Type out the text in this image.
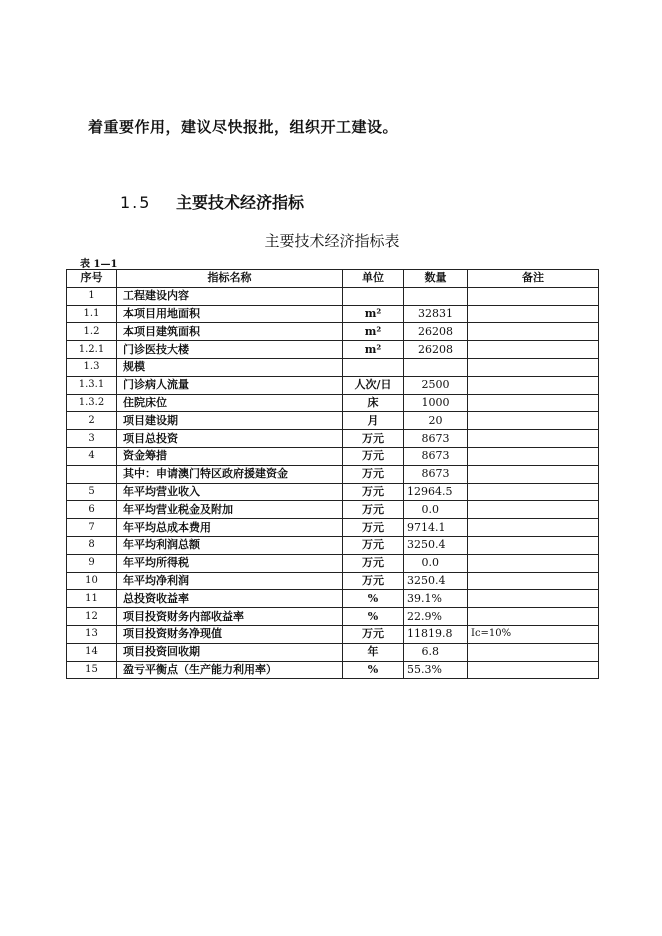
着重要作用，建议尽快报批，组织开工建设。
1.5 主要技术经济指标
主要技术经济指标表
表 1—1
序号	指标名称	单位	数量	备注
1	工程建设内容			
1.1	本项目用地面积	m²	32831	
1.2	本项目建筑面积	m²	26208	
1.2.1	门诊医技大楼	m²	26208	
1.3	规模			
1.3.1	门诊病人流量	人次/日	2500	
1.3.2	住院床位	床	1000	
2	项目建设期	月	20	
3	项目总投资	万元	8673	
4	资金筹措	万元	8673	
	其中：申请澳门特区政府援建资金	万元	8673	
5	年平均营业收入	万元	12964.5	
6	年平均营业税金及附加	万元	0.0	
7	年平均总成本费用	万元	9714.1	
8	年平均利润总额	万元	3250.4	
9	年平均所得税	万元	0.0	
10	年平均净利润	万元	3250.4	
11	总投资收益率	%	39.1%	
12	项目投资财务内部收益率	%	22.9%	
13	项目投资财务净现值	万元	11819.8	Ic=10%
14	项目投资回收期	年	6.8	
15	盈亏平衡点（生产能力利用率）	%	55.3%	
